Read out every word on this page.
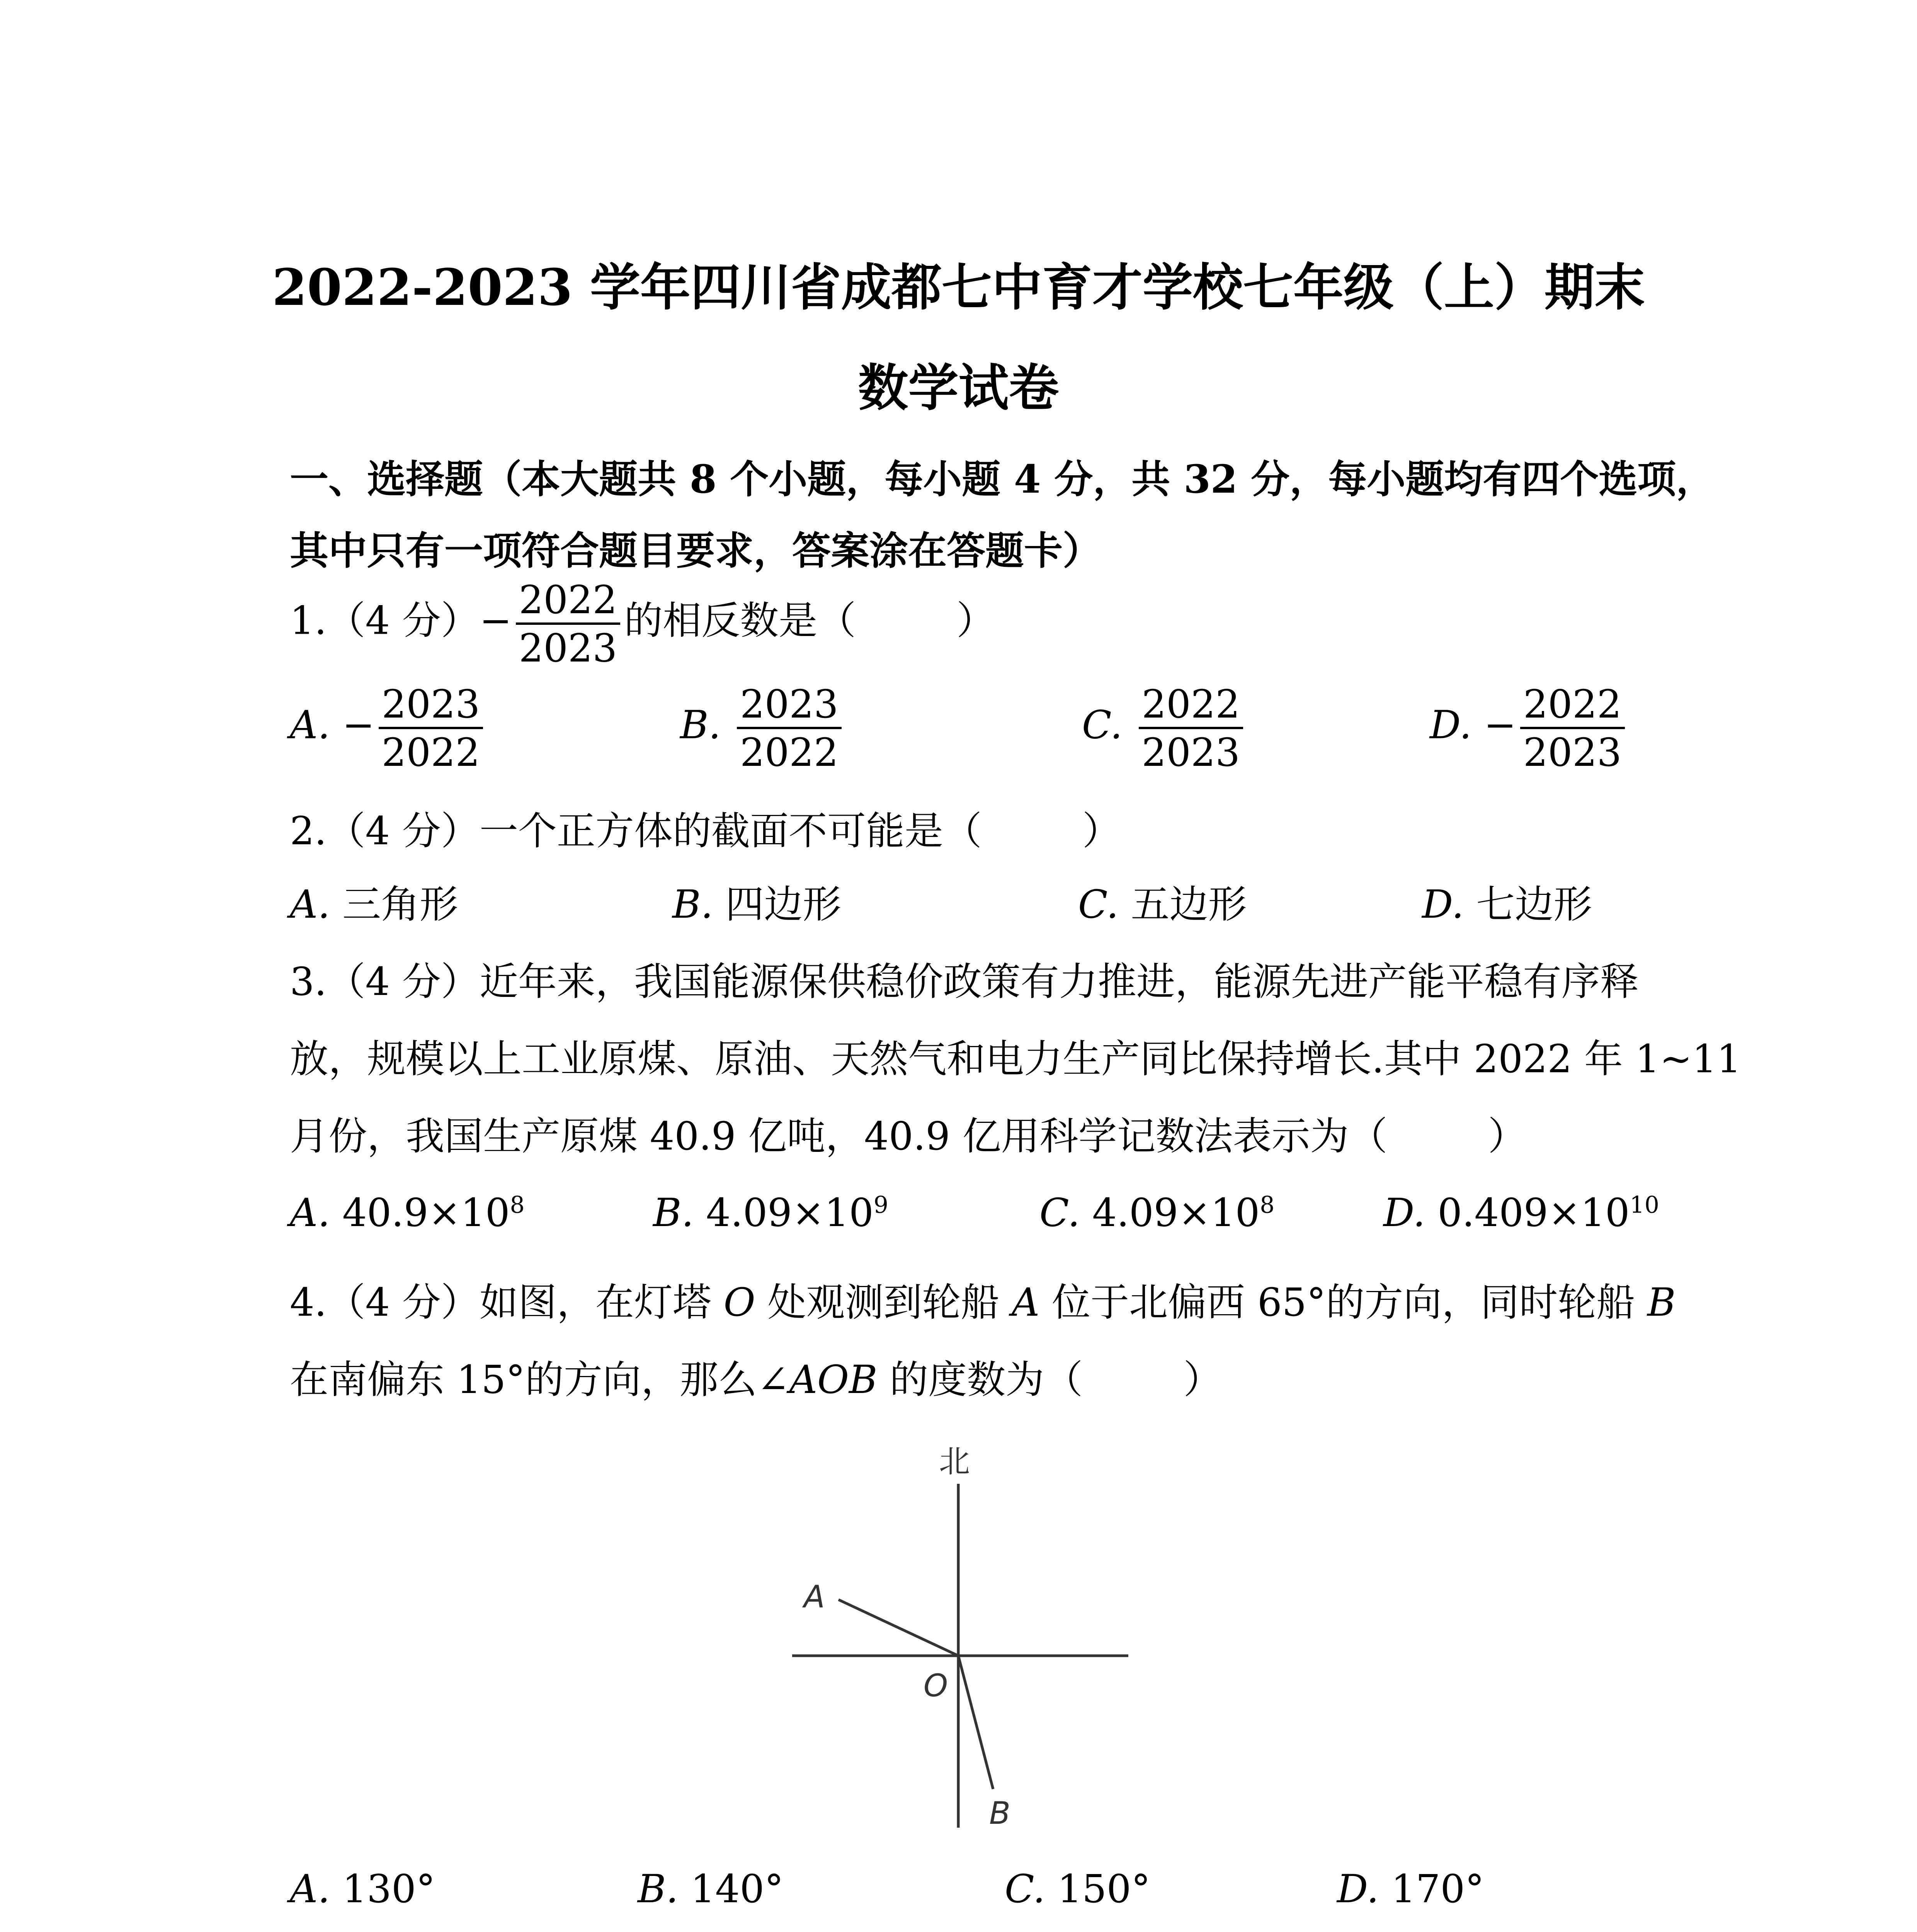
2022-2023 学年四川省成都七中育才学校七年级（上）期末
数学试卷
一、选择题（本大题共 8 个小题，每小题 4 分，共 32 分，每小题均有四个选项，
其中只有一项符合题目要求，答案涂在答题卡）
1.（4 分）− $\frac{2022}{2023}$ 的相反数是（	）
A. − $\frac{2023}{2022}$	B. $\frac{2023}{2022}$	C. $\frac{2022}{2023}$	D. − $\frac{2022}{2023}$
2.（4 分）一个正方体的截面不可能是（	）
A. 三角形	B. 四边形	C. 五边形	D. 七边形
3.（4 分）近年来，我国能源保供稳价政策有力推进，能源先进产能平稳有序释
放，规模以上工业原煤、原油、天然气和电力生产同比保持增长.其中 2022 年 1~11
月份，我国生产原煤 40.9 亿吨，40.9 亿用科学记数法表示为（	）
A. $40.9\times 10^8$	B. $4.09\times 10^9$	C. $4.09\times 10^8$	D. $0.409\times 10^{10}$
4.（4 分）如图，在灯塔 O 处观测到轮船 A 位于北偏西 65°的方向，同时轮船 B
在南偏东 15°的方向，那么∠AOB 的度数为（	）
北
A
O
B
A. 130°	B. 140°	C. 150°	D. 170°
